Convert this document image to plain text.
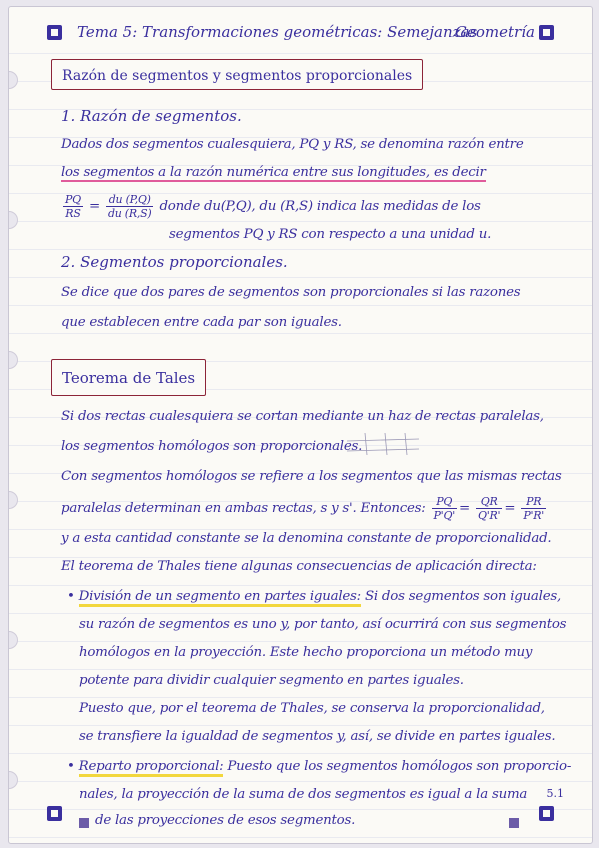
Tema 5: Transformaciones geométricas: Semejanzas
Geometría
Razón de segmentos y segmentos proporcionales
1. Razón de segmentos.
Dados dos segmentos cualesquiera, PQ y RS, se denomina razón entre
los segmentos a la razón numérica entre sus longitudes, es decir
$\frac{PQ}{RS} = \frac{du (P,Q)}{du (R,S)}$ donde du(P,Q), du (R,S) indica las medidas de los
segmentos PQ y RS con respecto a una unidad u.
2. Segmentos proporcionales.
Se dice que dos pares de segmentos son proporcionales si las razones
que establecen entre cada par son iguales.
Teorema de Tales
Si dos rectas cualesquiera se cortan mediante un haz de rectas paralelas,
los segmentos homólogos son proporcionales.
Con segmentos homólogos se refiere a los segmentos que las mismas rectas
paralelas determinan en ambas rectas, s y s'. Entonces: $\frac{PQ}{P'Q'} = \frac{QR}{Q'R'} = \frac{PR}{P'R'}$
y a esta cantidad constante se la denomina constante de proporcionalidad.
El teorema de Thales tiene algunas consecuencias de aplicación directa:
• División de un segmento en partes iguales: Si dos segmentos son iguales,
su razón de segmentos es uno y, por tanto, así ocurrirá con sus segmentos
homólogos en la proyección. Este hecho proporciona un método muy
potente para dividir cualquier segmento en partes iguales.
Puesto que, por el teorema de Thales, se conserva la proporcionalidad,
se transfiere la igualdad de segmentos y, así, se divide en partes iguales.
• Reparto proporcional: Puesto que los segmentos homólogos son proporcio-
nales, la proyección de la suma de dos segmentos es igual a la suma
de las proyecciones de esos segmentos.
5.1
